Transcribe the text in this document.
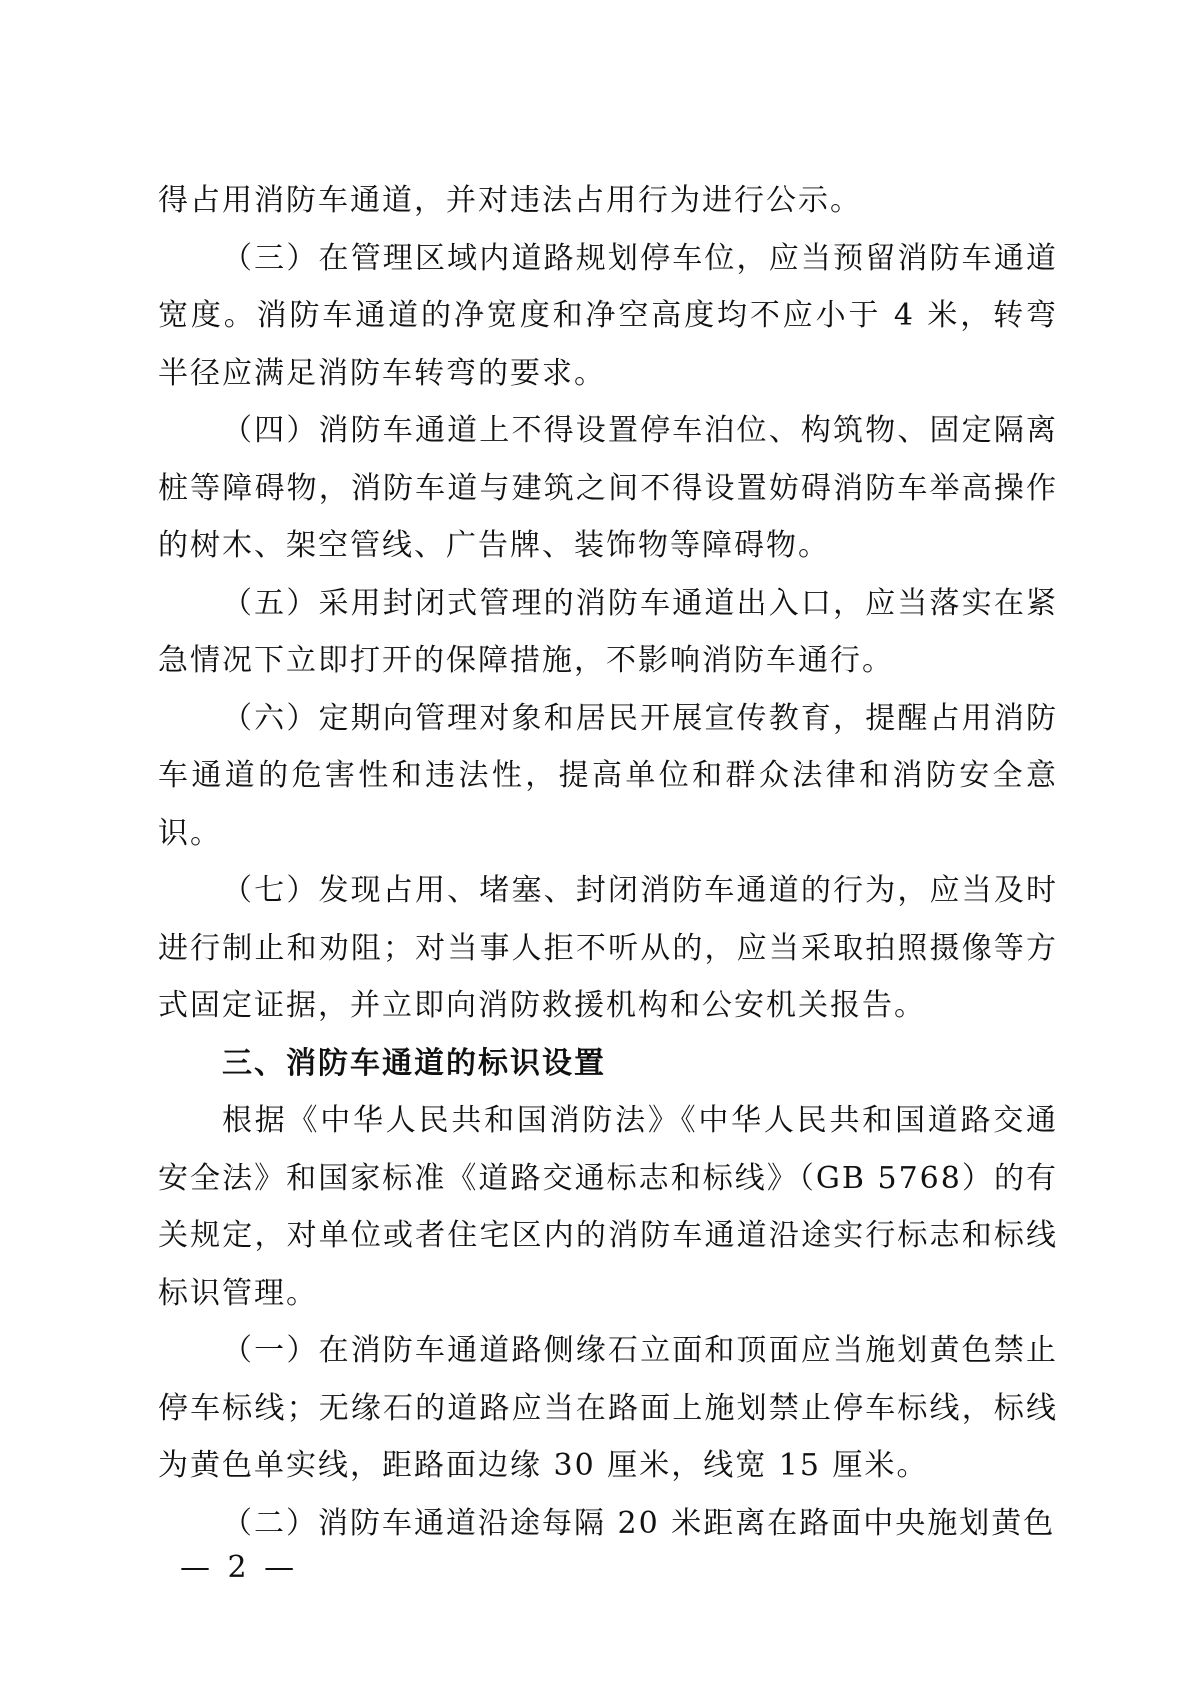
得占用消防车通道，并对违法占用行为进行公示。

（三）在管理区域内道路规划停车位，应当预留消防车通道宽度。消防车通道的净宽度和净空高度均不应小于 4 米，转弯半径应满足消防车转弯的要求。

（四）消防车通道上不得设置停车泊位、构筑物、固定隔离桩等障碍物，消防车道与建筑之间不得设置妨碍消防车举高操作的树木、架空管线、广告牌、装饰物等障碍物。

（五）采用封闭式管理的消防车通道出入口，应当落实在紧急情况下立即打开的保障措施，不影响消防车通行。

（六）定期向管理对象和居民开展宣传教育，提醒占用消防车通道的危害性和违法性，提高单位和群众法律和消防安全意识。

（七）发现占用、堵塞、封闭消防车通道的行为，应当及时进行制止和劝阻；对当事人拒不听从的，应当采取拍照摄像等方式固定证据，并立即向消防救援机构和公安机关报告。

三、消防车通道的标识设置

根据《中华人民共和国消防法》《中华人民共和国道路交通安全法》和国家标准《道路交通标志和标线》（GB 5768）的有关规定，对单位或者住宅区内的消防车通道沿途实行标志和标线标识管理。

（一）在消防车通道路侧缘石立面和顶面应当施划黄色禁止停车标线；无缘石的道路应当在路面上施划禁止停车标线，标线为黄色单实线，距路面边缘 30 厘米，线宽 15 厘米。

（二）消防车通道沿途每隔 20 米距离在路面中央施划黄色

— 2 —
